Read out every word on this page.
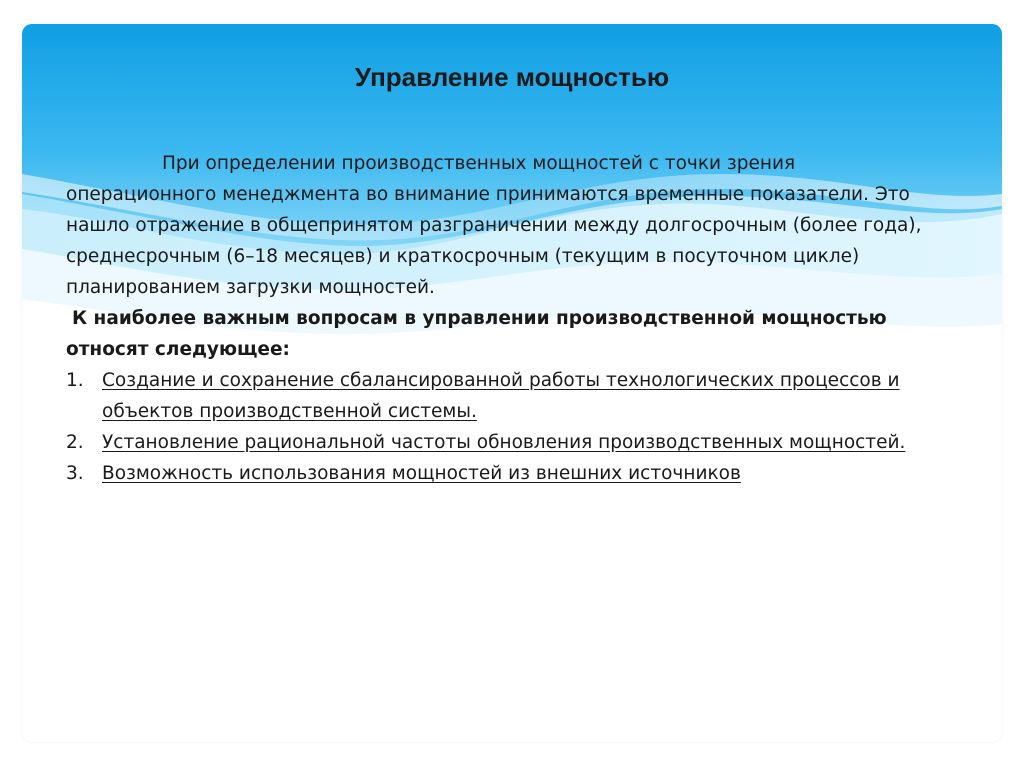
Управление мощностью

При определении производственных мощностей с точки зрения операционного менеджмента во внимание принимаются временные показатели. Это нашло отражение в общепринятом разграничении между долгосрочным (более года), среднесрочным (6–18 месяцев) и краткосрочным (текущим в посуточном цикле) планированием загрузки мощностей.

К наиболее важным вопросам в управлении производственной мощностью

относят следующее:

1. Создание и сохранение сбалансированной работы технологических процессов и объектов производственной системы.
2. Установление рациональной частоты обновления производственных мощностей.
3. Возможность использования мощностей из внешних источников
